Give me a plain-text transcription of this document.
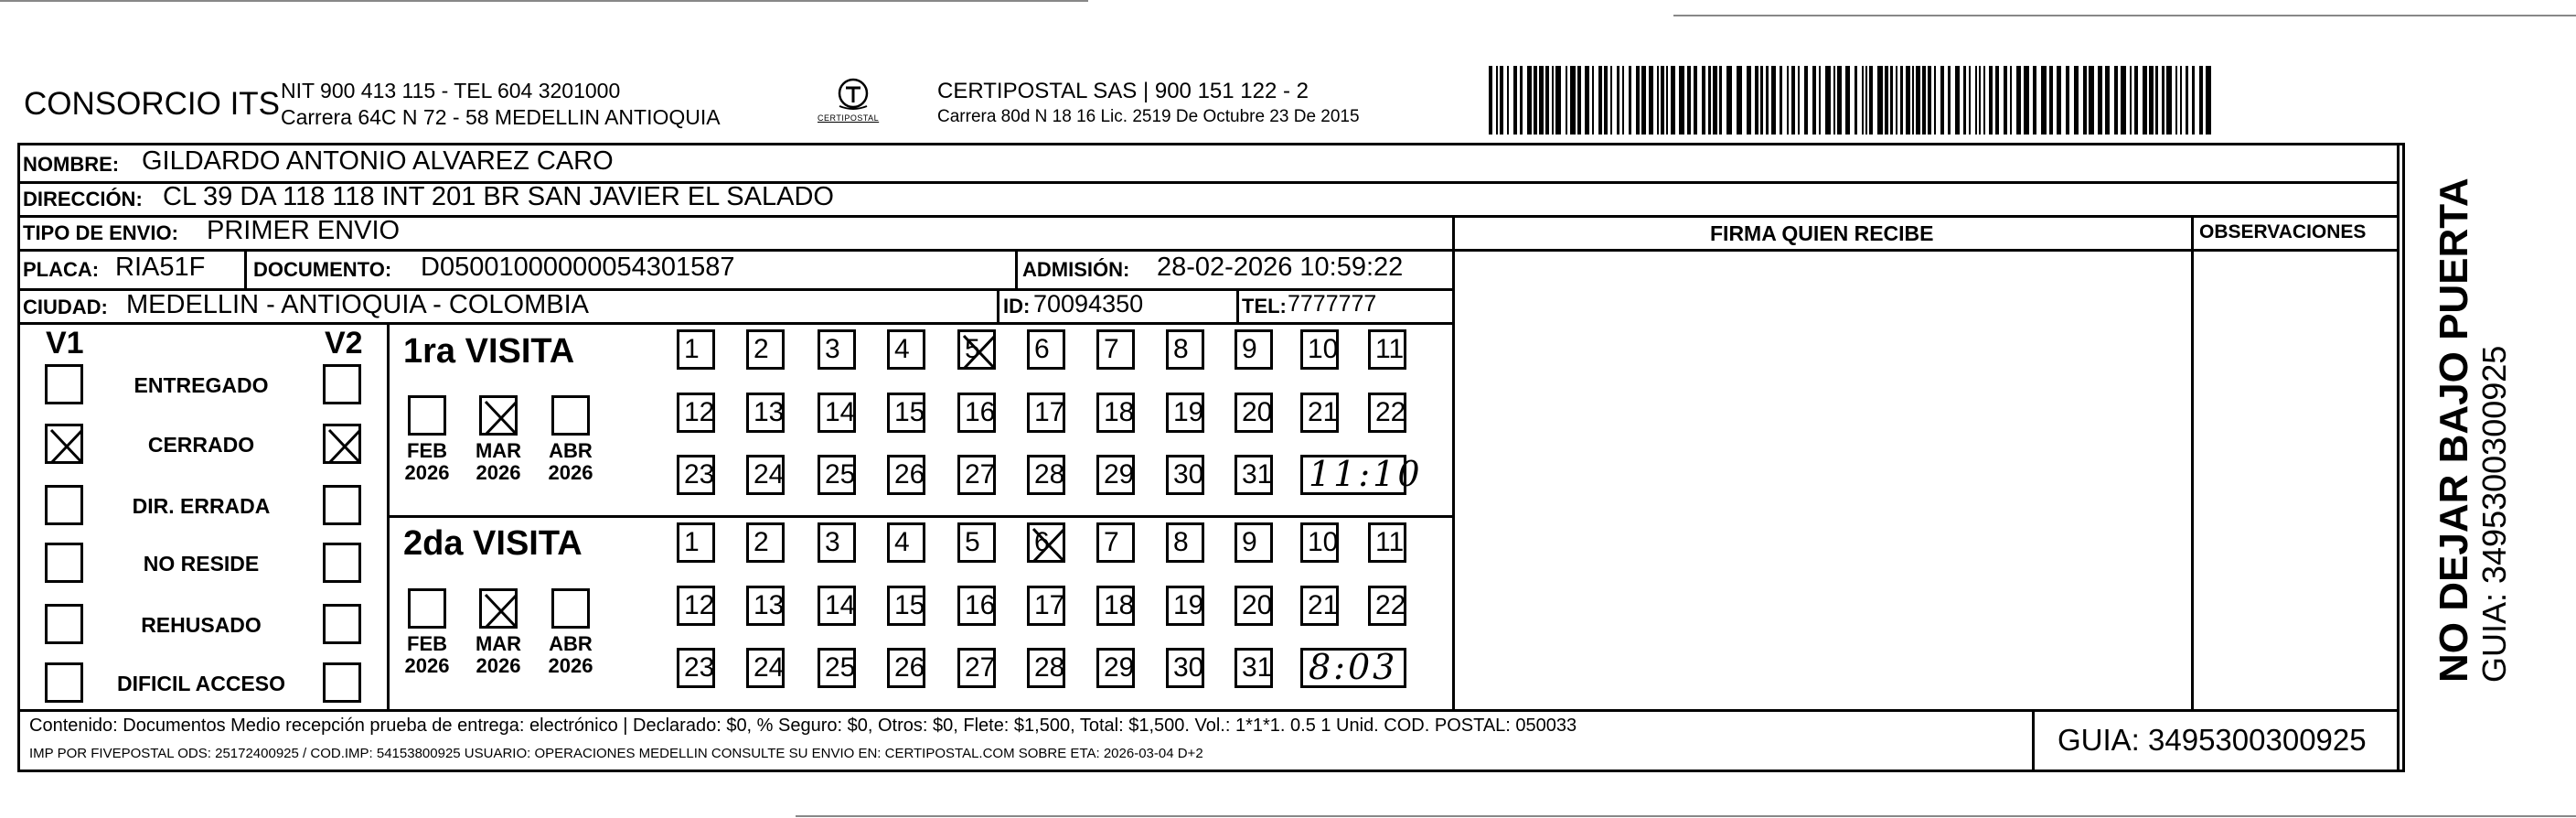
CONSORCIO ITS NIT 900 413 115 - TEL 604 3201000
Carrera 64C N 72 - 58 MEDELLIN ANTIOQUIA	CERTIPOSTAL
CERTIPOSTAL SAS | 900 151 122 - 2
Carrera 80d N 18 16 Lic. 2519 De Octubre 23 De 2015
NOMBRE: GILDARDO ANTONIO ALVAREZ CARO
DIRECCIÓN: CL 39 DA 118 118 INT 201 BR SAN JAVIER EL SALADO
TIPO DE ENVIO: PRIMER ENVIO	FIRMA QUIEN RECIBE	OBSERVACIONES
PLACA: RIA51F DOCUMENTO: D05001000000054301587	ADMISIÓN: 28-02-2026 10:59:22
CIUDAD: MEDELLIN - ANTIOQUIA - COLOMBIA	ID: 70094350	TEL: 7777777
V1	V2
ENTREGADO
CERRADO
DIR. ERRADA
NO RESIDE
REHUSADO
DIFICIL ACCESO
1ra VISITA
FEB
2026
MAR
2026
ABR
2026
1	2	3	4	5	6	7	8	9	10 11
12 13 14 15 16 17 18 19 20 21 22
23 24 25 26 27 28 29 30 31 11:10
2da VISITA
FEB
2026
MAR
2026
ABR
2026
1	2	3	4	5	6	7	8	9	10 11
12 13 14 15 16 17 18 19 20 21 22
23 24 25 26 27 28 29 30 31 8:03
Contenido: Documentos Medio recepción prueba de entrega: electrónico | Declarado: $0, % Seguro: $0, Otros: $0, Flete: $1,500, Total: $1,500. Vol.: 1*1*1. 0.5 1 Unid. COD. POSTAL: 050033
IMP POR FIVEPOSTAL ODS: 25172400925 / COD.IMP: 54153800925 USUARIO: OPERACIONES MEDELLIN CONSULTE SU ENVIO EN: CERTIPOSTAL.COM SOBRE ETA: 2026-03-04 D+2	GUIA: 3495300300925
NO DEJAR BAJO PUERTA GUIA: 3495300300925
